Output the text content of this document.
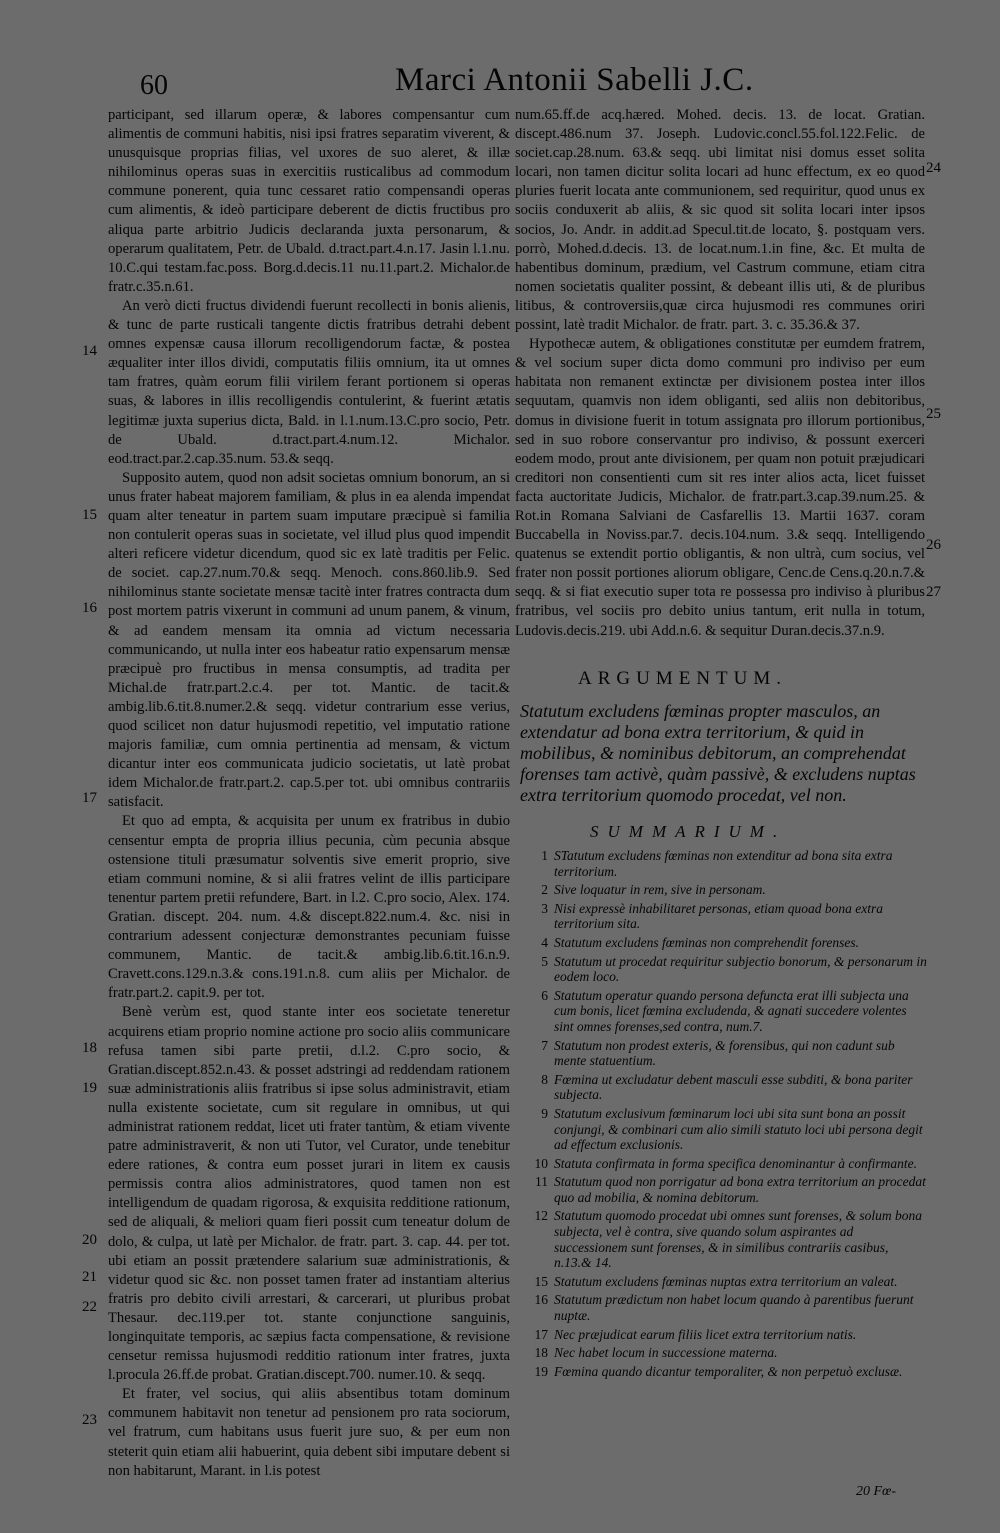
60	Marci Antonii Sabelli J.C.

participant, sed illarum operæ, & labores compensantur cum alimentis de communi habitis, nisi ipsi fratres separatim viverent, & unusquisque proprias filias, vel uxores de suo aleret, & illæ nihilominus operas suas in exercitiis rusticalibus ad commodum commune ponerent, quia tunc cessaret ratio compensandi operas cum alimentis, & ideò participare deberent de dictis fructibus pro aliqua parte arbitrio Judicis declaranda juxta personarum, & operarum qualitatem, Petr. de Ubald. d.tract.part.4.n.17. Jasin l.1.nu. 10.C.qui testam.fac.poss. Borg.d.decis.11 nu.11.part.2. Michalor.de fratr.c.35.n.61.

An verò dicti fructus dividendi fuerunt recollecti in bonis alienis, & tunc de parte rusticali tangente dictis fratribus detrahi debent omnes expensæ causa illorum recolligendorum factæ, & postea æqualiter inter illos dividi, computatis filiis omnium, ita ut omnes tam fratres, quàm eorum filii virilem ferant portionem si operas suas, & labores in illis recolligendis contulerint, & fuerint ætatis legitimæ juxta superius dicta, Bald. in l.1.num.13.C.pro socio, Petr. de Ubald. d.tract.part.4.num.12. Michalor. eod.tract.par.2.cap.35.num. 53.& seqq.

Supposito autem, quod non adsit societas omnium bonorum, an si unus frater habeat majorem familiam, & plus in ea alenda impendat quam alter teneatur in partem suam imputare præcipuè si familia non contulerit operas suas in societate, vel illud plus quod impendit alteri reficere videtur dicendum, quod sic ex latè traditis per Felic. de societ. cap.27.num.70.& seqq. Menoch. cons.860.lib.9. Sed nihilominus stante societate mensæ tacitè inter fratres contracta dum post mortem patris vixerunt in communi ad unum panem, & vinum, & ad eandem mensam ita omnia ad victum necessaria communicando, ut nulla inter eos habeatur ratio expensarum mensæ præcipuè pro fructibus in mensa consumptis, ad tradita per Michal.de fratr.part.2.c.4. per tot. Mantic. de tacit.& ambig.lib.6.tit.8.numer.2.& seqq. videtur contrarium esse verius, quod scilicet non datur hujusmodi repetitio, vel imputatio ratione majoris familiæ, cum omnia pertinentia ad mensam, & victum dicantur inter eos communicata judicio societatis, ut latè probat idem Michalor.de fratr.part.2. cap.5.per tot. ubi omnibus contrariis satisfacit.

Et quo ad empta, & acquisita per unum ex fratribus in dubio censentur empta de propria illius pecunia, cùm pecunia absque ostensione tituli præsumatur solventis sive emerit proprio, sive etiam communi nomine, & si alii fratres velint de illis participare tenentur partem pretii refundere, Bart. in l.2. C.pro socio, Alex. 174. Gratian. discept. 204. num. 4.& discept.822.num.4. &c. nisi in contrarium adessent conjecturæ demonstrantes pecuniam fuisse communem, Mantic. de tacit.& ambig.lib.6.tit.16.n.9. Cravett.cons.129.n.3.& cons.191.n.8. cum aliis per Michalor. de fratr.part.2. capit.9. per tot.

Benè verùm est, quod stante inter eos societate teneretur acquirens etiam proprio nomine actione pro socio aliis communicare refusa tamen sibi parte pretii, d.l.2. C.pro socio, & Gratian.discept.852.n.43. & posset adstringi ad reddendam rationem suæ administrationis aliis fratribus si ipse solus administravit, etiam nulla existente societate, cum sit regulare in omnibus, ut qui administrat rationem reddat, licet uti frater tantùm, & etiam vivente patre administraverit, & non uti Tutor, vel Curator, unde tenebitur edere rationes, & contra eum posset jurari in litem ex causis permissis contra alios administratores, quod tamen non est intelligendum de quadam rigorosa, & exquisita redditione rationum, sed de aliquali, & meliori quam fieri possit cum teneatur dolum de dolo, & culpa, ut latè per Michalor. de fratr. part. 3. cap. 44. per tot. ubi etiam an possit prætendere salarium suæ administrationis, & videtur quod sic &c. non posset tamen frater ad instantiam alterius fratris pro debito civili arrestari, & carcerari, ut pluribus probat Thesaur. dec.119.per tot. stante conjunctione sanguinis, longinquitate temporis, ac sæpius facta compensatione, & revisione censetur remissa hujusmodi redditio rationum inter fratres, juxta l.procula 26.ff.de probat. Gratian.discept.700. numer.10. & seqq.

Et frater, vel socius, qui aliis absentibus totam dominum communem habitavit non tenetur ad pensionem pro rata sociorum, vel fratrum, cum habitans usus fuerit jure suo, & per eum non steterit quin etiam alii habuerint, quia debent sibi imputare debent si non habitarunt, Marant. in l.is potest

14
15
16
17
18
19
20
21
22
23

num.65.ff.de acq.hæred. Mohed. decis. 13. de locat. Gratian. discept.486.num 37. Joseph. Ludovic.concl.55.fol.122.Felic. de societ.cap.28.num. 63.& seqq. ubi limitat nisi domus esset solita locari, non tamen dicitur solita locari ad hunc effectum, ex eo quod pluries fuerit locata ante communionem, sed requiritur, quod unus ex sociis conduxerit ab aliis, & sic quod sit solita locari inter ipsos socios, Jo. Andr. in addit.ad Specul.tit.de locato, §. postquam vers. porrò, Mohed.d.decis. 13. de locat.num.1.in fine, &c. Et multa de habentibus dominum, prædium, vel Castrum commune, etiam citra nomen societatis qualiter possint, & debeant illis uti, & de pluribus litibus, & controversiis,quæ circa hujusmodi res communes oriri possint, latè tradit Michalor. de fratr. part. 3. c. 35.36.& 37.

Hypothecæ autem, & obligationes constitutæ per eumdem fratrem, & vel socium super dicta domo communi pro indiviso per eum habitata non remanent extinctæ per divisionem postea inter illos sequutam, quamvis non idem obliganti, sed aliis non debitoribus, domus in divisione fuerit in totum assignata pro illorum portionibus, sed in suo robore conservantur pro indiviso, & possunt exerceri eodem modo, prout ante divisionem, per quam non potuit præjudicari creditori non consentienti cum sit res inter alios acta, licet fuisset facta auctoritate Judicis, Michalor. de fratr.part.3.cap.39.num.25. & Rot.in Romana Salviani de Casfarellis 13. Martii 1637. coram Buccabella in Noviss.par.7. decis.104.num. 3.& seqq. Intelligendo quatenus se extendit portio obligantis, & non ultrà, cum socius, vel frater non possit portiones aliorum obligare, Cenc.de Cens.q.20.n.7.& seqq. & si fiat executio super tota re possessa pro indiviso à pluribus fratribus, vel sociis pro debito unius tantum, erit nulla in totum, Ludovis.decis.219. ubi Add.n.6. & sequitur Duran.decis.37.n.9.

24
25
26
27
ARGUMENTUM.
Statutum excludens fœminas propter masculos, an extendatur ad bona extra territorium, & quid in mobilibus, & nominibus debitorum, an comprehendat forenses tam activè, quàm passivè, & excludens nuptas extra territorium quomodo procedat, vel non.
SUMMARIUM.
1 STatutum excludens fœminas non extenditur ad bona sita extra territorium.
2 Sive loquatur in rem, sive in personam.
3 Nisi expressè inhabilitaret personas, etiam quoad bona extra territorium sita.
4 Statutum excludens fœminas non comprehendit forenses.
5 Statutum ut procedat requiritur subjectio bonorum, & personarum in eodem loco.
6 Statutum operatur quando persona defuncta erat illi subjecta una cum bonis, licet fœmina excludenda, & agnati succedere volentes sint omnes forenses,sed contra, num.7.
7 Statutum non prodest exteris, & forensibus, qui non cadunt sub mente statuentium.
8 Fœmina ut excludatur debent masculi esse subditi, & bona pariter subjecta.
9 Statutum exclusivum fœminarum loci ubi sita sunt bona an possit conjungi, & combinari cum alio simili statuto loci ubi persona degit ad effectum exclusionis.
10 Statuta confirmata in forma specifica denominantur à confirmante.
11 Statutum quod non porrigatur ad bona extra territorium an procedat quo ad mobilia, & nomina debitorum.
12 Statutum quomodo procedat ubi omnes sunt forenses, & solum bona subjecta, vel è contra, sive quando solum aspirantes ad successionem sunt forenses, & in similibus contrariis casibus, n.13.& 14.
15 Statutum excludens fœminas nuptas extra territorium an valeat.
16 Statutum prædictum non habet locum quando à parentibus fuerunt nuptæ.
17 Nec præjudicat earum filiis licet extra territorium natis.
18 Nec habet locum in successione materna.
19 Fœmina quando dicantur temporaliter, & non perpetuò exclusæ.
20 Fœ-
